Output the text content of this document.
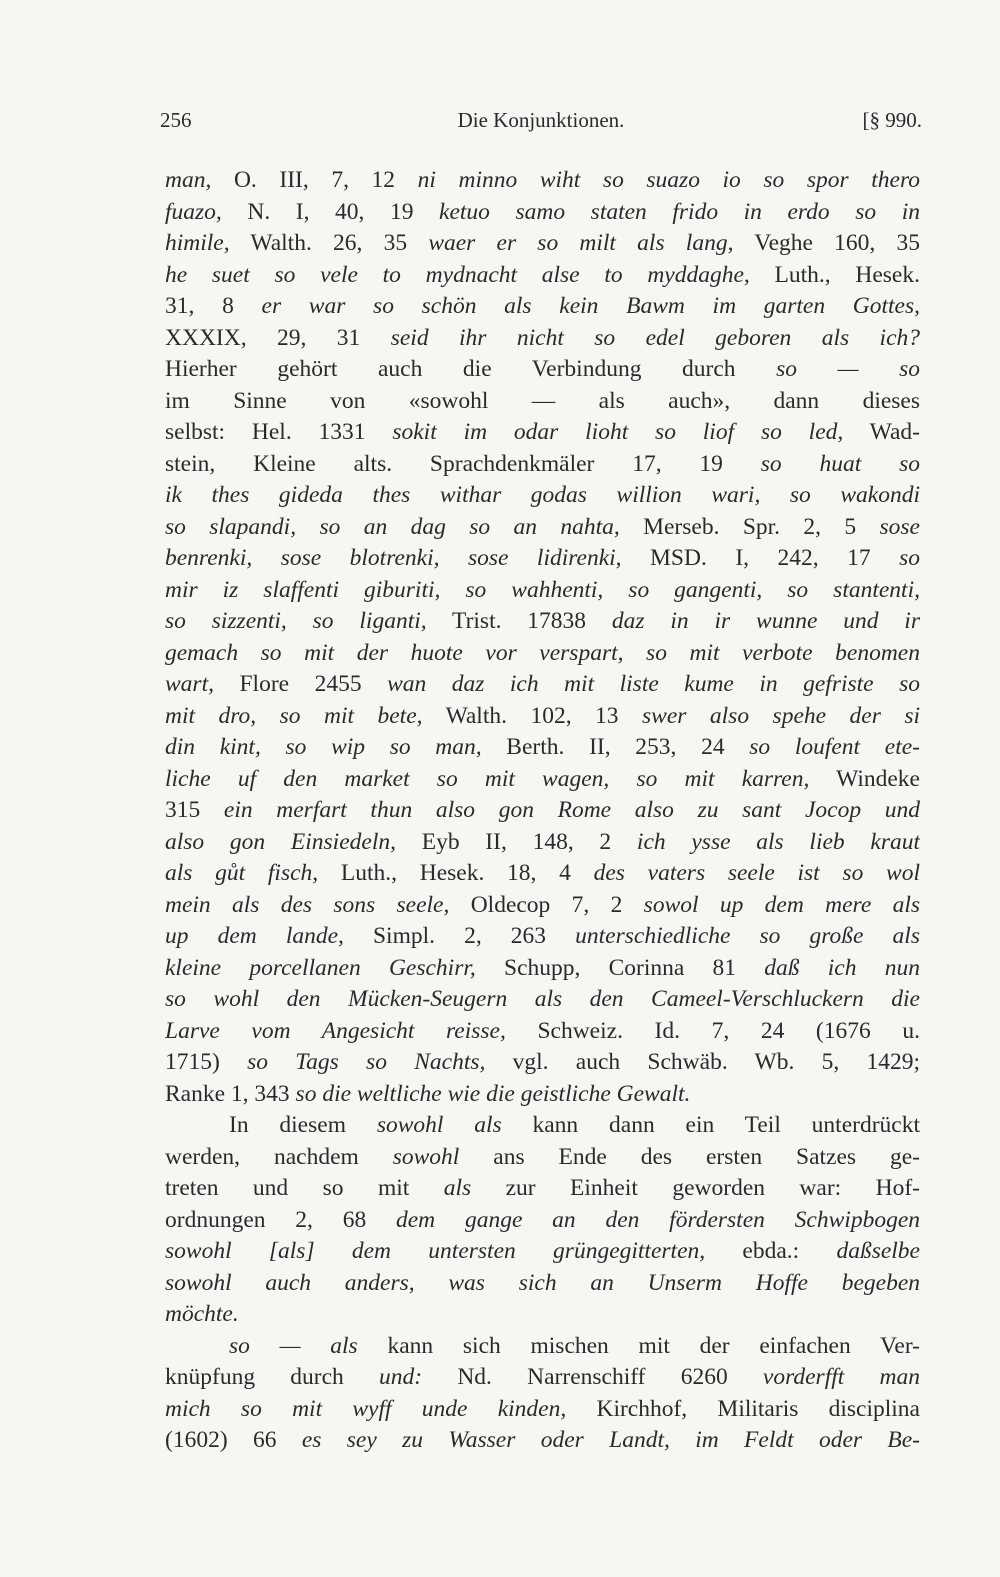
256	Die Konjunktionen.	[§ 990.
man, O. III, 7, 12 ni minno wiht so suazo io so spor thero
fuazo, N. I, 40, 19 ketuo samo staten frido in erdo so in
himile, Walth. 26, 35 waer er so milt als lang, Veghe 160, 35
he suet so vele to mydnacht alse to myddaghe, Luth., Hesek.
31, 8 er war so schön als kein Bawm im garten Gottes,
XXXIX, 29, 31 seid ihr nicht so edel geboren als ich?
Hierher gehört auch die Verbindung durch so — so
im Sinne von «sowohl — als auch», dann dieses
selbst: Hel. 1331 sokit im odar lioht so liof so led, Wad-
stein, Kleine alts. Sprachdenkmäler 17, 19 so huat so
ik thes gideda thes withar godas willion wari, so wakondi
so slapandi, so an dag so an nahta, Merseb. Spr. 2, 5 sose
benrenki, sose blotrenki, sose lidirenki, MSD. I, 242, 17 so
mir iz slaffenti giburiti, so wahhenti, so gangenti, so stantenti,
so sizzenti, so liganti, Trist. 17838 daz in ir wunne und ir
gemach so mit der huote vor verspart, so mit verbote benomen
wart, Flore 2455 wan daz ich mit liste kume in gefriste so
mit dro, so mit bete, Walth. 102, 13 swer also spehe der si
din kint, so wip so man, Berth. II, 253, 24 so loufent ete-
liche uf den market so mit wagen, so mit karren, Windeke
315 ein merfart thun also gon Rome also zu sant Jocop und
also gon Einsiedeln, Eyb II, 148, 2 ich ysse als lieb kraut
als gůt fisch, Luth., Hesek. 18, 4 des vaters seele ist so wol
mein als des sons seele, Oldecop 7, 2 sowol up dem mere als
up dem lande, Simpl. 2, 263 unterschiedliche so große als
kleine porcellanen Geschirr, Schupp, Corinna 81 daß ich nun
so wohl den Mücken-Seugern als den Cameel-Verschluckern die
Larve vom Angesicht reisse, Schweiz. Id. 7, 24 (1676 u.
1715) so Tags so Nachts, vgl. auch Schwäb. Wb. 5, 1429;
Ranke 1, 343 so die weltliche wie die geistliche Gewalt.
In diesem sowohl als kann dann ein Teil unterdrückt
werden, nachdem sowohl ans Ende des ersten Satzes ge-
treten und so mit als zur Einheit geworden war: Hof-
ordnungen 2, 68 dem gange an den fördersten Schwipbogen
sowohl [als] dem untersten grüngegitterten, ebda.: daßselbe
sowohl auch anders, was sich an Unserm Hoffe begeben
möchte.
so — als kann sich mischen mit der einfachen Ver-
knüpfung durch und: Nd. Narrenschiff 6260 vorderfft man
mich so mit wyff unde kinden, Kirchhof, Militaris disciplina
(1602) 66 es sey zu Wasser oder Landt, im Feldt oder Be-
